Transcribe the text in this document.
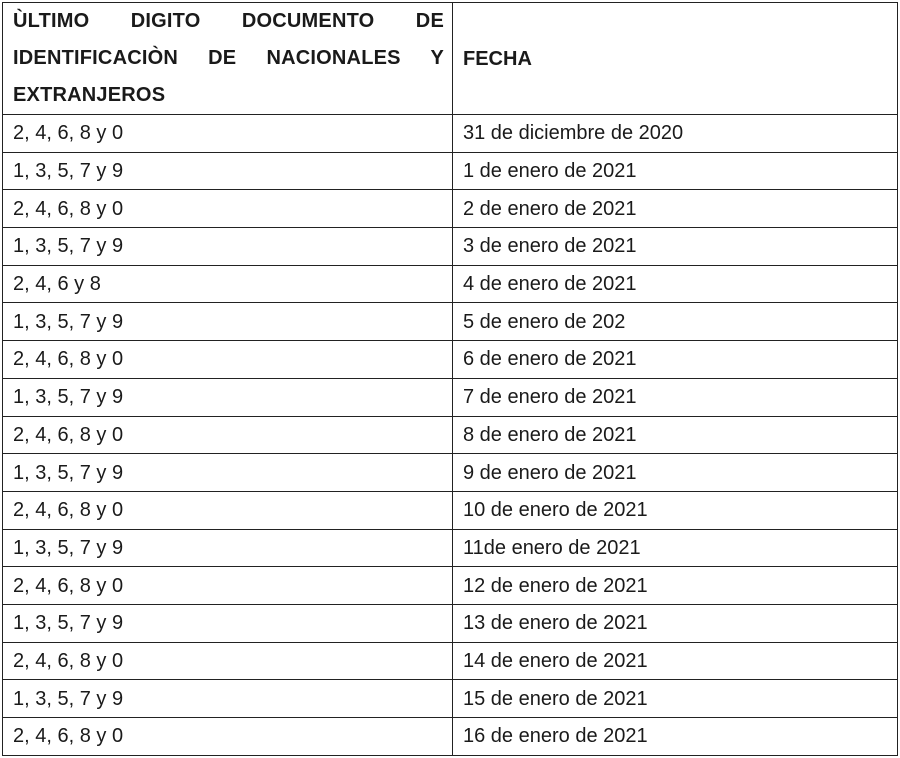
ÙLTIMO DIGITO DOCUMENTO DE
IDENTIFICACIÒN DE NACIONALES Y
EXTRANJEROS	FECHA
2, 4, 6, 8 y 0	31 de diciembre de 2020
1, 3, 5, 7 y 9	1 de enero de 2021
2, 4, 6, 8 y 0	2 de enero de 2021
1, 3, 5, 7 y 9	3 de enero de 2021
2, 4, 6 y 8	4 de enero de 2021
1, 3, 5, 7 y 9	5 de enero de 202
2, 4, 6, 8 y 0	6 de enero de 2021
1, 3, 5, 7 y 9	7 de enero de 2021
2, 4, 6, 8 y 0	8 de enero de 2021
1, 3, 5, 7 y 9	9 de enero de 2021
2, 4, 6, 8 y 0	10 de enero de 2021
1, 3, 5, 7 y 9	11de enero de 2021
2, 4, 6, 8 y 0	12 de enero de 2021
1, 3, 5, 7 y 9	13 de enero de 2021
2, 4, 6, 8 y 0	14 de enero de 2021
1, 3, 5, 7 y 9	15 de enero de 2021
2, 4, 6, 8 y 0	16 de enero de 2021
